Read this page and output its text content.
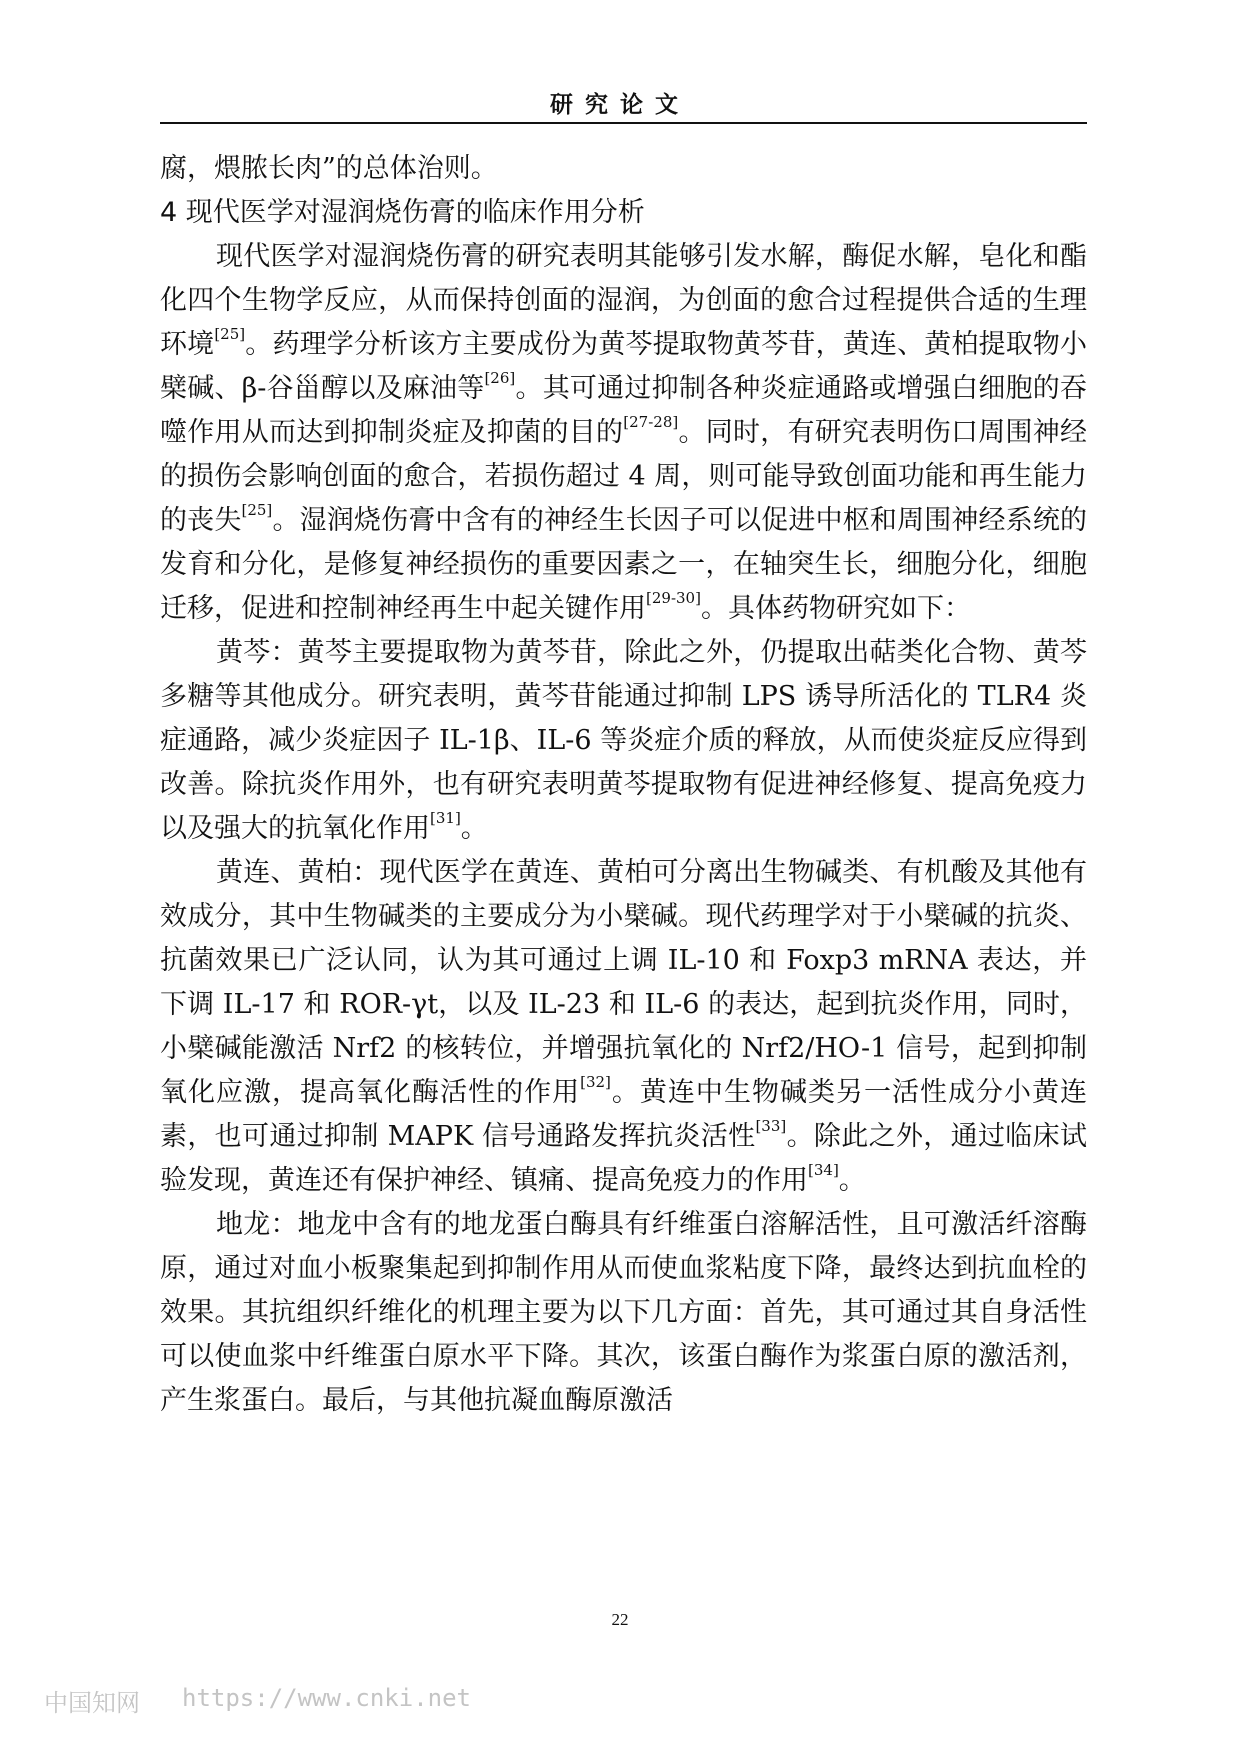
研究论文

腐，煨脓长肉”的总体治则。

4 现代医学对湿润烧伤膏的临床作用分析

现代医学对湿润烧伤膏的研究表明其能够引发水解，酶促水解，皂化和酯化四个生物学反应，从而保持创面的湿润，为创面的愈合过程提供合适的生理环境[25]。药理学分析该方主要成份为黄芩提取物黄芩苷，黄连、黄柏提取物小檗碱、β-谷甾醇以及麻油等[26]。其可通过抑制各种炎症通路或增强白细胞的吞噬作用从而达到抑制炎症及抑菌的目的[27-28]。同时，有研究表明伤口周围神经的损伤会影响创面的愈合，若损伤超过 4 周，则可能导致创面功能和再生能力的丧失[25]。湿润烧伤膏中含有的神经生长因子可以促进中枢和周围神经系统的发育和分化，是修复神经损伤的重要因素之一，在轴突生长，细胞分化，细胞迁移，促进和控制神经再生中起关键作用[29-30]。具体药物研究如下：

黄芩：黄芩主要提取物为黄芩苷，除此之外，仍提取出萜类化合物、黄芩多糖等其他成分。研究表明，黄芩苷能通过抑制 LPS 诱导所活化的 TLR4 炎症通路，减少炎症因子 IL-1β、IL-6 等炎症介质的释放，从而使炎症反应得到改善。除抗炎作用外，也有研究表明黄芩提取物有促进神经修复、提高免疫力以及强大的抗氧化作用[31]。

黄连、黄柏：现代医学在黄连、黄柏可分离出生物碱类、有机酸及其他有效成分，其中生物碱类的主要成分为小檗碱。现代药理学对于小檗碱的抗炎、抗菌效果已广泛认同，认为其可通过上调 IL-10 和 Foxp3 mRNA 表达，并下调 IL-17 和 ROR-γt，以及 IL-23 和 IL-6 的表达，起到抗炎作用，同时，小檗碱能激活 Nrf2 的核转位，并增强抗氧化的 Nrf2/HO-1 信号，起到抑制氧化应激，提高氧化酶活性的作用[32]。黄连中生物碱类另一活性成分小黄连素，也可通过抑制 MAPK 信号通路发挥抗炎活性[33]。除此之外，通过临床试验发现，黄连还有保护神经、镇痛、提高免疫力的作用[34]。

地龙：地龙中含有的地龙蛋白酶具有纤维蛋白溶解活性，且可激活纤溶酶原，通过对血小板聚集起到抑制作用从而使血浆粘度下降，最终达到抗血栓的效果。其抗组织纤维化的机理主要为以下几方面：首先，其可通过其自身活性可以使血浆中纤维蛋白原水平下降。其次，该蛋白酶作为浆蛋白原的激活剂，产生浆蛋白。最后，与其他抗凝血酶原激活

22
中国知网 https://www.cnki.net
